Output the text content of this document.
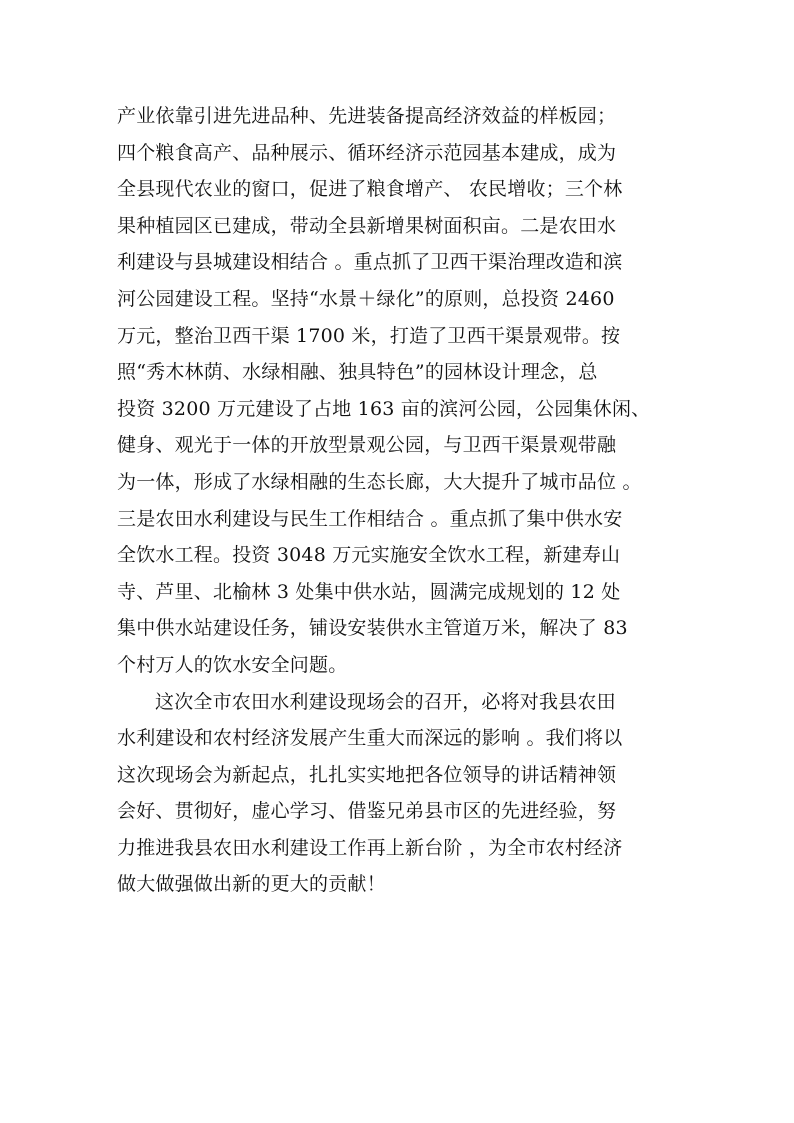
产业依靠引进先进品种、先进装备提高经济效益的样板园；
四个粮食高产、品种展示、循环经济示范园基本建成，成为
全县现代农业的窗口，促进了粮食增产、 农民增收；三个林
果种植园区已建成，带动全县新增果树面积亩。二是农田水
利建设与县城建设相结合 。重点抓了卫西干渠治理改造和滨
河公园建设工程。坚持“水景＋绿化”的原则，总投资 2460
万元，整治卫西干渠 1700 米，打造了卫西干渠景观带。按
照“秀木林荫、水绿相融、独具特色”的园林设计理念，总
投资 3200 万元建设了占地 163 亩的滨河公园，公园集休闲、
健身、观光于一体的开放型景观公园，与卫西干渠景观带融
为一体，形成了水绿相融的生态长廊，大大提升了城市品位 。
三是农田水利建设与民生工作相结合 。重点抓了集中供水安
全饮水工程。投资 3048 万元实施安全饮水工程，新建寿山
寺、芦里、北榆林 3 处集中供水站，圆满完成规划的 12 处
集中供水站建设任务，铺设安装供水主管道万米，解决了 83
个村万人的饮水安全问题。
这次全市农田水利建设现场会的召开，必将对我县农田
水利建设和农村经济发展产生重大而深远的影响 。我们将以
这次现场会为新起点，扎扎实实地把各位领导的讲话精神领
会好、贯彻好，虚心学习、借鉴兄弟县市区的先进经验，努
力推进我县农田水利建设工作再上新台阶 ，为全市农村经济
做大做强做出新的更大的贡献！
